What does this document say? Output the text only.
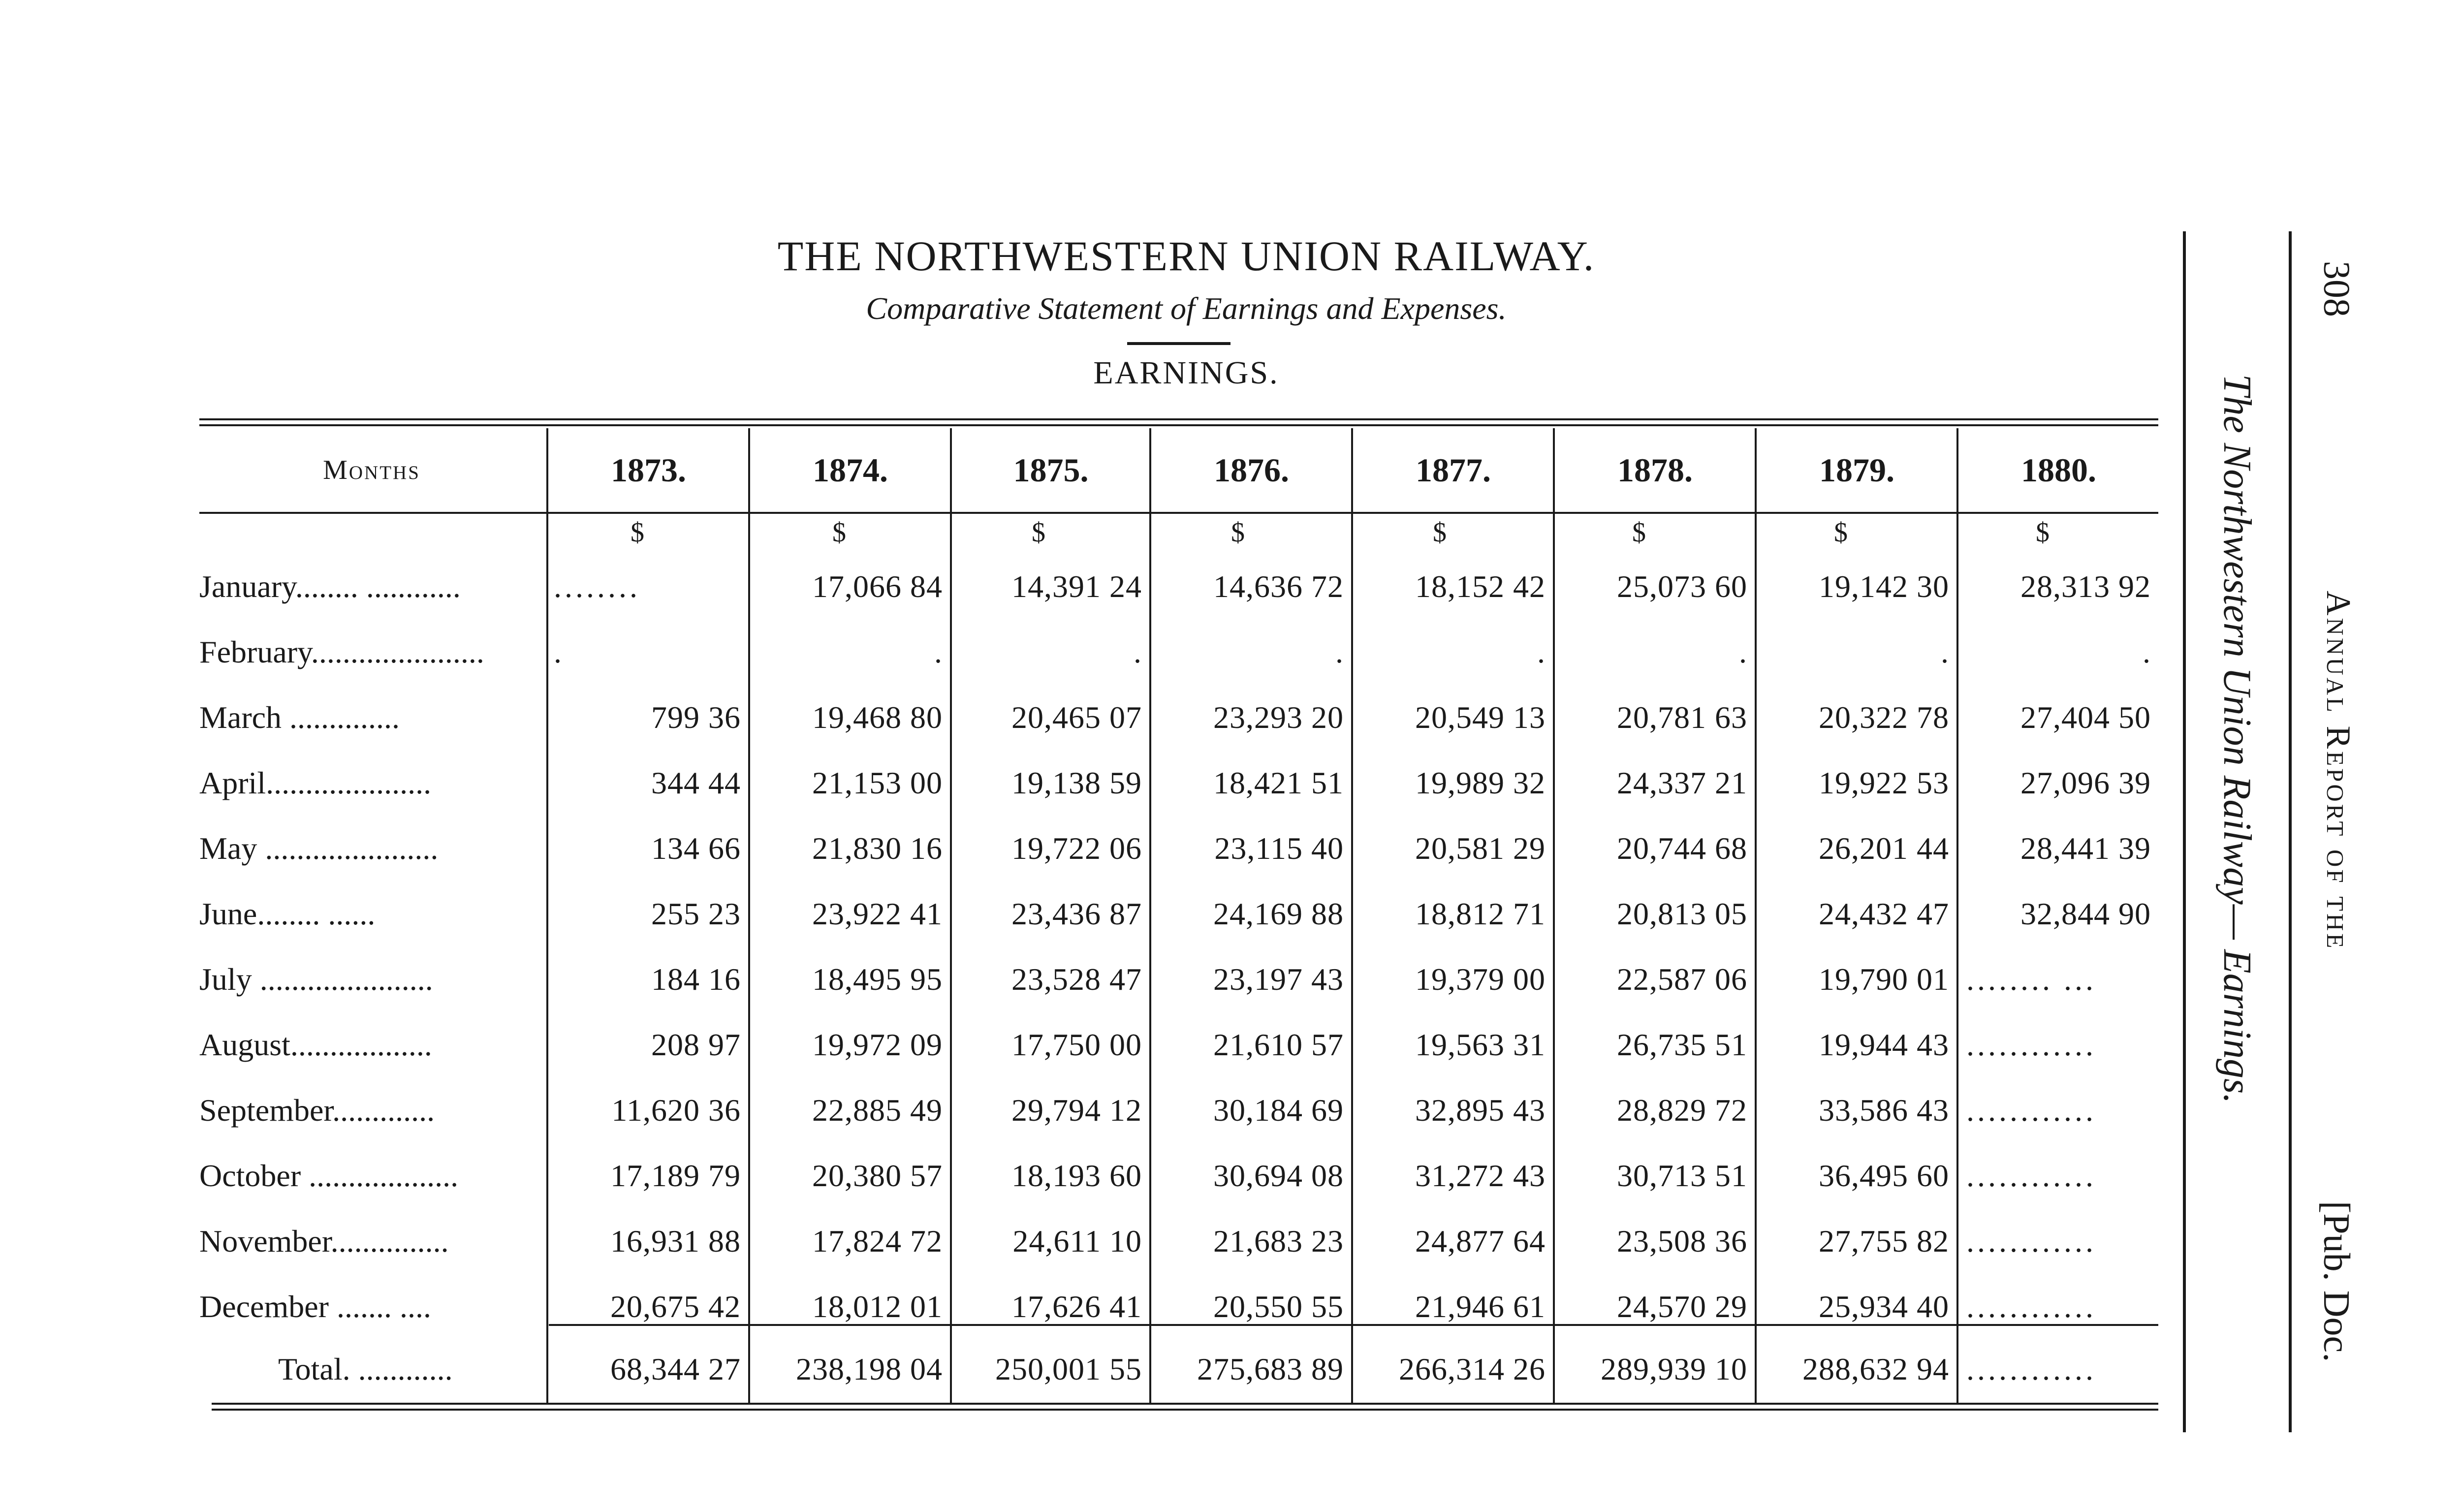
THE NORTHWESTERN UNION RAILWAY.
Comparative Statement of Earnings and Expenses.
EARNINGS.
Months	1873.	1874.	1875.	1876.	1877.	1878.	1879.	1880.
$	$	$	$	$	$	$	$
January........ ............	........	17,066 84	14,391 24	14,636 72	18,152 42	25,073 60	19,142 30	28,313 92
February......................	.	.	.	.	.	.	.	.
March ..............	799 36	19,468 80	20,465 07	23,293 20	20,549 13	20,781 63	20,322 78	27,404 50
April.....................	344 44	21,153 00	19,138 59	18,421 51	19,989 32	24,337 21	19,922 53	27,096 39
May ......................	134 66	21,830 16	19,722 06	23,115 40	20,581 29	20,744 68	26,201 44	28,441 39
June........ ......	255 23	23,922 41	23,436 87	24,169 88	18,812 71	20,813 05	24,432 47	32,844 90
July ......................	184 16	18,495 95	23,528 47	23,197 43	19,379 00	22,587 06	19,790 01 ........ ...
August..................	208 97	19,972 09	17,750 00	21,610 57	19,563 31	26,735 51	19,944 43 ............
September.............	11,620 36	22,885 49	29,794 12	30,184 69	32,895 43	28,829 72	33,586 43 ............
October ...................	17,189 79	20,380 57	18,193 60	30,694 08	31,272 43	30,713 51	36,495 60 ............
November...............	16,931 88	17,824 72	24,611 10	21,683 23	24,877 64	23,508 36	27,755 82 ............
December ....... ....	20,675 42	18,012 01	17,626 41	20,550 55	21,946 61	24,570 29	25,934 40 ............
Total. ............	68,344 27	238,198 04	250,001 55	275,683 89	266,314 26	289,939 10	288,632 94 ............
The Northwestern Union Railway— Earnings.
308
Annual Report of the
[Pub. Doc.
